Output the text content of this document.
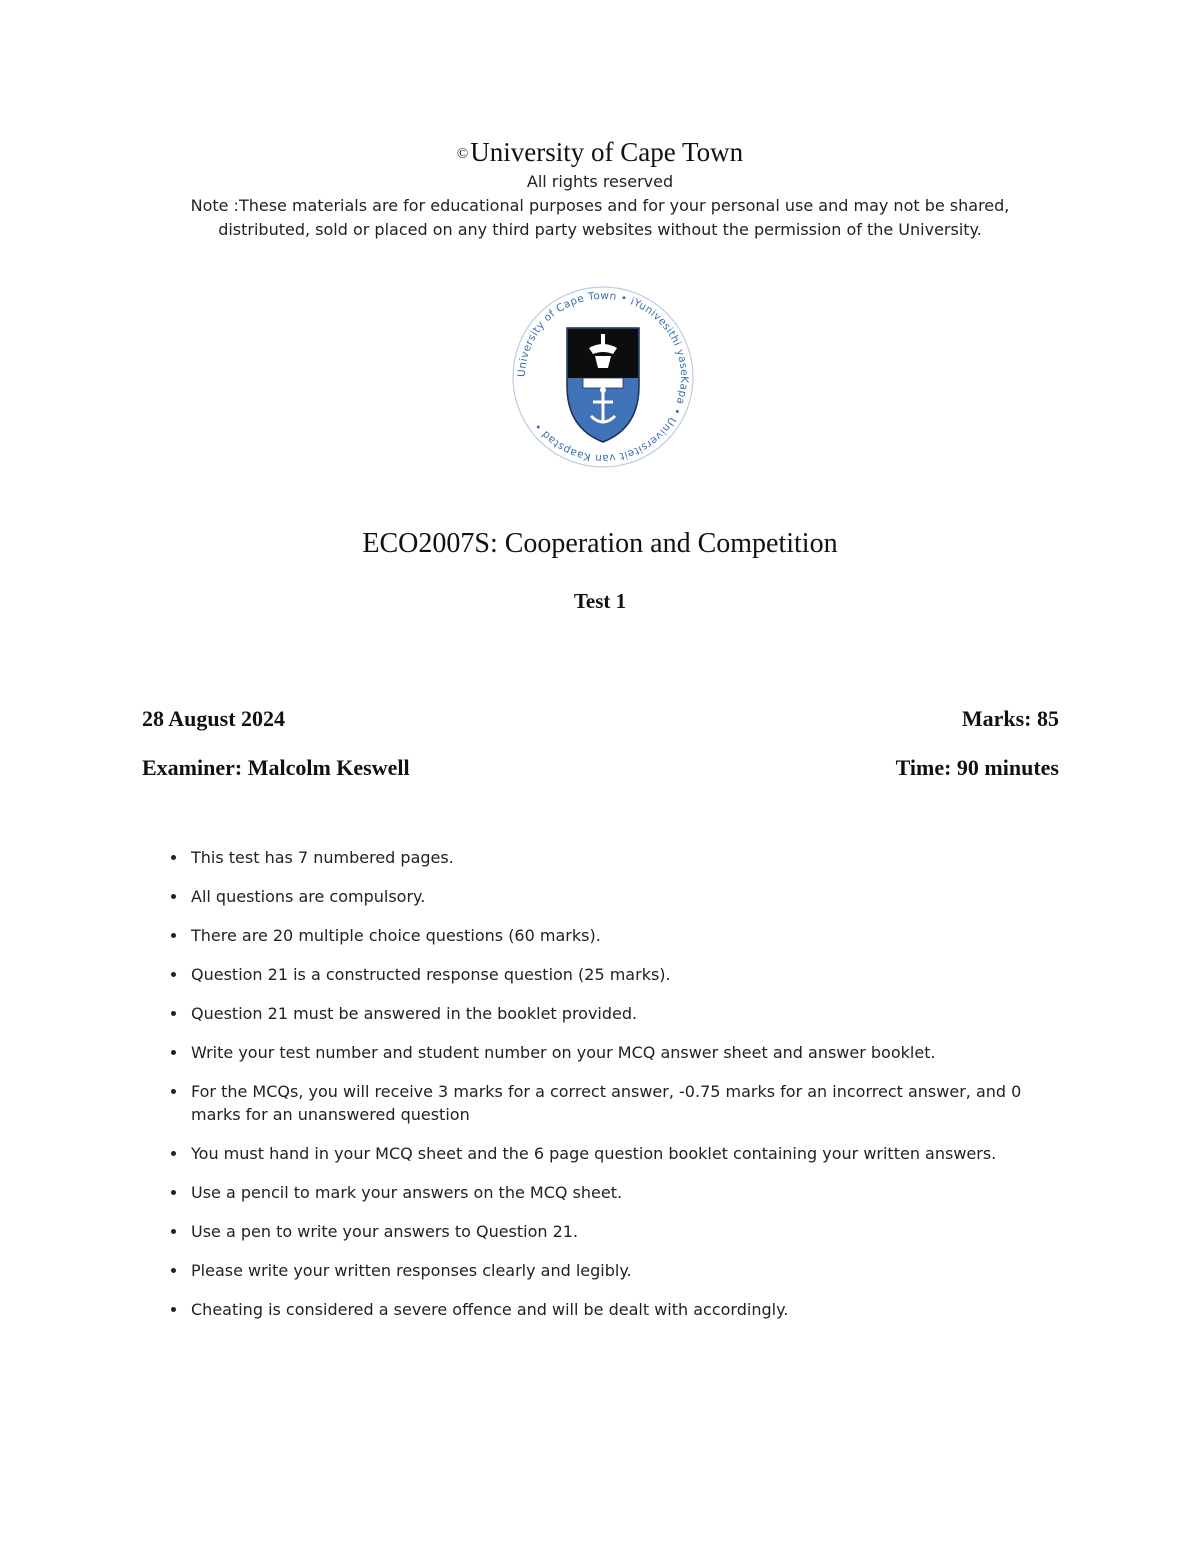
©University of Cape Town
All rights reserved
Note :These materials are for educational purposes and for your personal use and may not be shared, distributed, sold or placed on any third party websites without the permission of the University.
University of Cape Town • iYunivesithi yaseKapa • Universiteit van Kaapstad •
ECO2007S: Cooperation and Competition
Test 1
28 August 2024	Marks: 85
Examiner: Malcolm Keswell	Time: 90 minutes
This test has 7 numbered pages.
All questions are compulsory.
There are 20 multiple choice questions (60 marks).
Question 21 is a constructed response question (25 marks).
Question 21 must be answered in the booklet provided.
Write your test number and student number on your MCQ answer sheet and answer booklet.
For the MCQs, you will receive 3 marks for a correct answer, -0.75 marks for an incorrect answer, and 0 marks for an unanswered question
You must hand in your MCQ sheet and the 6 page question booklet containing your written answers.
Use a pencil to mark your answers on the MCQ sheet.
Use a pen to write your answers to Question 21.
Please write your written responses clearly and legibly.
Cheating is considered a severe offence and will be dealt with accordingly.
